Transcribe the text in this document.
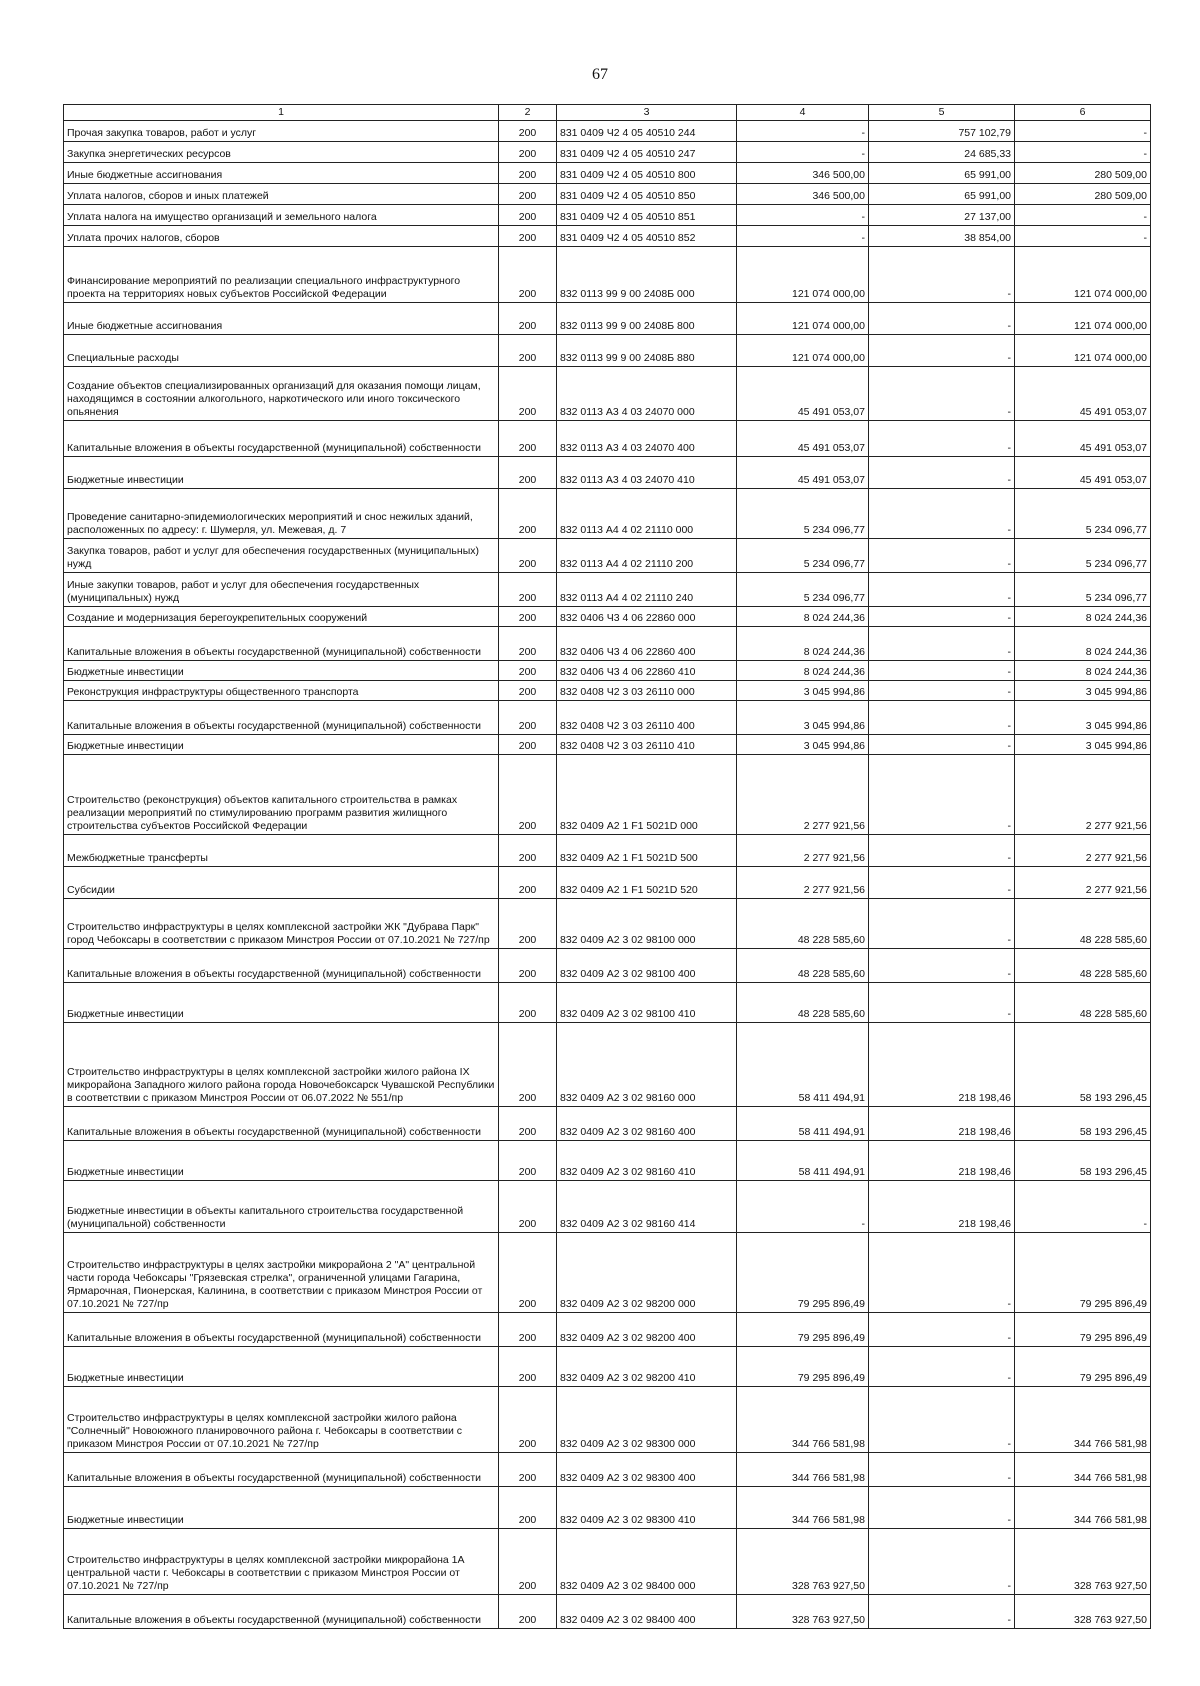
67
1	2	3	4	5	6
Прочая закупка товаров, работ и услуг	200	831 0409 Ч2 4 05 40510 244	-	757 102,79	-
Закупка энергетических ресурсов	200	831 0409 Ч2 4 05 40510 247	-	24 685,33	-
Иные бюджетные ассигнования	200	831 0409 Ч2 4 05 40510 800	346 500,00	65 991,00	280 509,00
Уплата налогов, сборов и иных платежей	200	831 0409 Ч2 4 05 40510 850	346 500,00	65 991,00	280 509,00
Уплата налога на имущество организаций и земельного налога	200	831 0409 Ч2 4 05 40510 851	-	27 137,00	-
Уплата прочих налогов, сборов	200	831 0409 Ч2 4 05 40510 852	-	38 854,00	-
Финансирование мероприятий по реализации специального инфраструктурного проекта на территориях новых субъектов Российской Федерации	200	832 0113 99 9 00 2408Б 000	121 074 000,00	-	121 074 000,00
Иные бюджетные ассигнования	200	832 0113 99 9 00 2408Б 800	121 074 000,00	-	121 074 000,00
Специальные расходы	200	832 0113 99 9 00 2408Б 880	121 074 000,00	-	121 074 000,00
Создание объектов специализированных организаций для оказания помощи лицам, находящимся в состоянии алкогольного, наркотического или иного токсического опьянения	200	832 0113 А3 4 03 24070 000	45 491 053,07	-	45 491 053,07
Капитальные вложения в объекты государственной (муниципальной) собственности	200	832 0113 А3 4 03 24070 400	45 491 053,07	-	45 491 053,07
Бюджетные инвестиции	200	832 0113 А3 4 03 24070 410	45 491 053,07	-	45 491 053,07
Проведение санитарно-эпидемиологических мероприятий и снос нежилых зданий, расположенных по адресу: г. Шумерля, ул. Межевая, д. 7	200	832 0113 А4 4 02 21110 000	5 234 096,77	-	5 234 096,77
Закупка товаров, работ и услуг для обеспечения государственных (муниципальных) нужд	200	832 0113 А4 4 02 21110 200	5 234 096,77	-	5 234 096,77
Иные закупки товаров, работ и услуг для обеспечения государственных (муниципальных) нужд	200	832 0113 А4 4 02 21110 240	5 234 096,77	-	5 234 096,77
Создание и модернизация берегоукрепительных сооружений	200	832 0406 Ч3 4 06 22860 000	8 024 244,36	-	8 024 244,36
Капитальные вложения в объекты государственной (муниципальной) собственности	200	832 0406 Ч3 4 06 22860 400	8 024 244,36	-	8 024 244,36
Бюджетные инвестиции	200	832 0406 Ч3 4 06 22860 410	8 024 244,36	-	8 024 244,36
Реконструкция инфраструктуры общественного транспорта	200	832 0408 Ч2 3 03 26110 000	3 045 994,86	-	3 045 994,86
Капитальные вложения в объекты государственной (муниципальной) собственности	200	832 0408 Ч2 3 03 26110 400	3 045 994,86	-	3 045 994,86
Бюджетные инвестиции	200	832 0408 Ч2 3 03 26110 410	3 045 994,86	-	3 045 994,86
Строительство (реконструкция) объектов капитального строительства в рамках реализации мероприятий по стимулированию программ развития жилищного строительства субъектов Российской Федерации	200	832 0409 А2 1 F1 5021D 000	2 277 921,56	-	2 277 921,56
Межбюджетные трансферты	200	832 0409 А2 1 F1 5021D 500	2 277 921,56	-	2 277 921,56
Субсидии	200	832 0409 А2 1 F1 5021D 520	2 277 921,56	-	2 277 921,56
Строительство инфраструктуры в целях комплексной застройки ЖК "Дубрава Парк" город Чебоксары в соответствии с приказом Минстроя России от 07.10.2021 № 727/пр	200	832 0409 А2 3 02 98100 000	48 228 585,60	-	48 228 585,60
Капитальные вложения в объекты государственной (муниципальной) собственности	200	832 0409 А2 3 02 98100 400	48 228 585,60	-	48 228 585,60
Бюджетные инвестиции	200	832 0409 А2 3 02 98100 410	48 228 585,60	-	48 228 585,60
Строительство инфраструктуры в целях комплексной застройки жилого района IX микрорайона Западного жилого района города Новочебоксарск Чувашской Республики в соответствии с приказом Минстроя России от 06.07.2022 № 551/пр	200	832 0409 А2 3 02 98160 000	58 411 494,91	218 198,46	58 193 296,45
Капитальные вложения в объекты государственной (муниципальной) собственности	200	832 0409 А2 3 02 98160 400	58 411 494,91	218 198,46	58 193 296,45
Бюджетные инвестиции	200	832 0409 А2 3 02 98160 410	58 411 494,91	218 198,46	58 193 296,45
Бюджетные инвестиции в объекты капитального строительства государственной (муниципальной) собственности	200	832 0409 А2 3 02 98160 414	-	218 198,46	-
Строительство инфраструктуры в целях застройки микрорайона 2 "А" центральной части города Чебоксары "Грязевская стрелка", ограниченной улицами Гагарина, Ярмарочная, Пионерская, Калинина, в соответствии с приказом Минстроя России от 07.10.2021 № 727/пр	200	832 0409 А2 3 02 98200 000	79 295 896,49	-	79 295 896,49
Капитальные вложения в объекты государственной (муниципальной) собственности	200	832 0409 А2 3 02 98200 400	79 295 896,49	-	79 295 896,49
Бюджетные инвестиции	200	832 0409 А2 3 02 98200 410	79 295 896,49	-	79 295 896,49
Строительство инфраструктуры в целях комплексной застройки жилого района "Солнечный" Новоюжного планировочного района г. Чебоксары в соответствии с приказом Минстроя России от 07.10.2021 № 727/пр	200	832 0409 А2 3 02 98300 000	344 766 581,98	-	344 766 581,98
Капитальные вложения в объекты государственной (муниципальной) собственности	200	832 0409 А2 3 02 98300 400	344 766 581,98	-	344 766 581,98
Бюджетные инвестиции	200	832 0409 А2 3 02 98300 410	344 766 581,98	-	344 766 581,98
Строительство инфраструктуры в целях комплексной застройки микрорайона 1А центральной части г. Чебоксары в соответствии с приказом Минстроя России от 07.10.2021 № 727/пр	200	832 0409 А2 3 02 98400 000	328 763 927,50	-	328 763 927,50
Капитальные вложения в объекты государственной (муниципальной) собственности	200	832 0409 А2 3 02 98400 400	328 763 927,50	-	328 763 927,50
